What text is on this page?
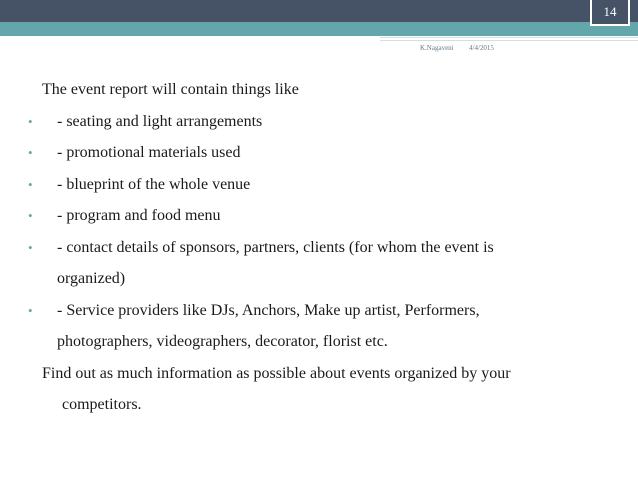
14
K.Nagaveni 4/4/2015
The event report will contain things like
• - seating and light arrangements
• - promotional materials used
• - blueprint of the whole venue
• - program and food menu
• - contact details of sponsors, partners, clients (for whom the event is
organized)
• - Service providers like DJs, Anchors, Make up artist, Performers,
photographers, videographers, decorator, florist etc.
Find out as much information as possible about events organized by your
competitors.
